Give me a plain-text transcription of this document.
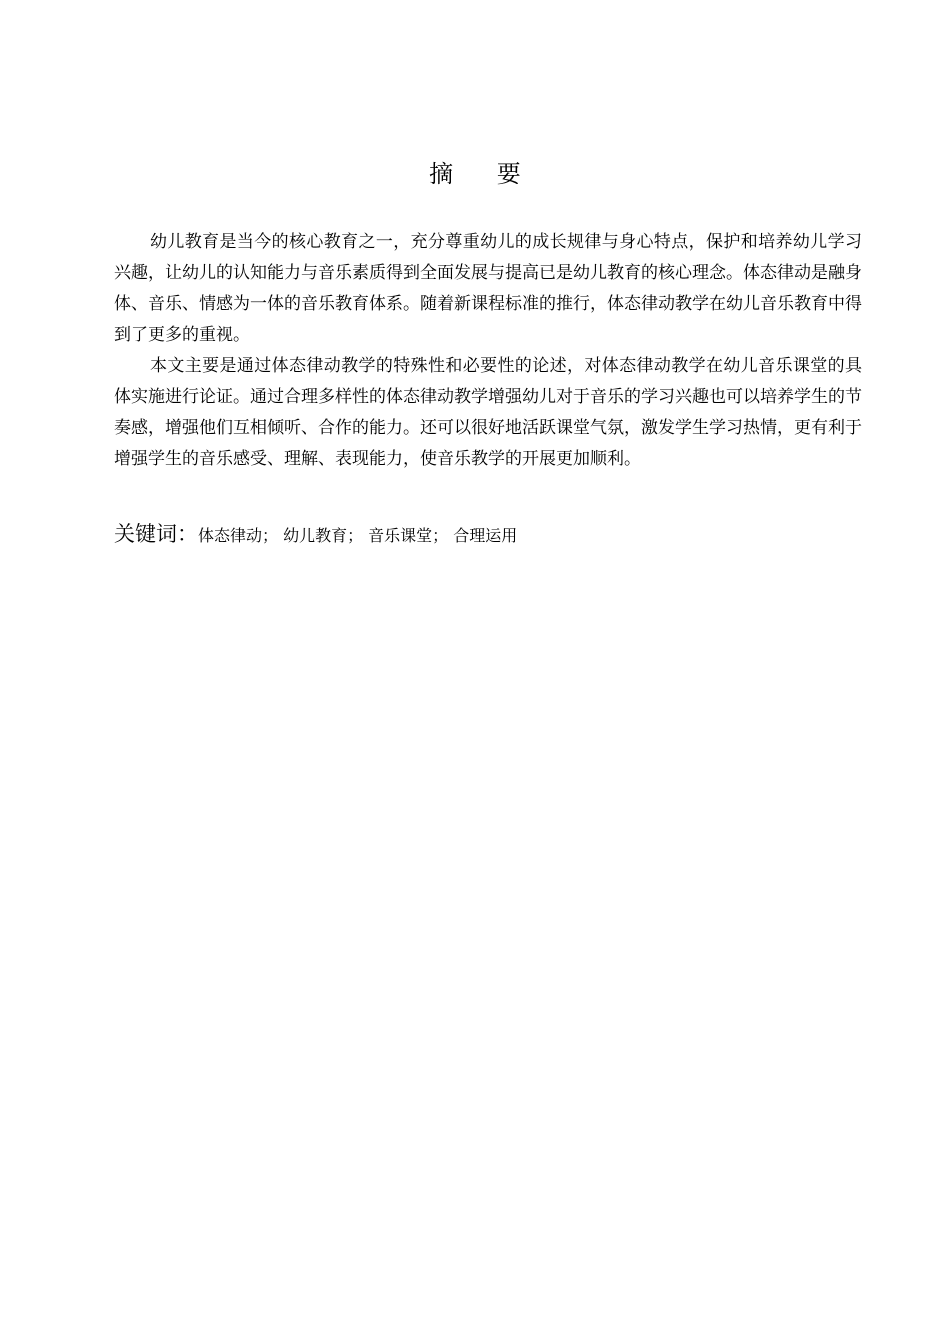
摘 要

幼儿教育是当今的核心教育之一，充分尊重幼儿的成长规律与身心特点，保护和培养幼儿学习兴趣，让幼儿的认知能力与音乐素质得到全面发展与提高已是幼儿教育的核心理念。体态律动是融身体、音乐、情感为一体的音乐教育体系。随着新课程标准的推行，体态律动教学在幼儿音乐教育中得到了更多的重视。

本文主要是通过体态律动教学的特殊性和必要性的论述，对体态律动教学在幼儿音乐课堂的具体实施进行论证。通过合理多样性的体态律动教学增强幼儿对于音乐的学习兴趣也可以培养学生的节奏感，增强他们互相倾听、合作的能力。还可以很好地活跃课堂气氛，激发学生学习热情，更有利于增强学生的音乐感受、理解、表现能力，使音乐教学的开展更加顺利。

关键词：体态律动； 幼儿教育； 音乐课堂； 合理运用
